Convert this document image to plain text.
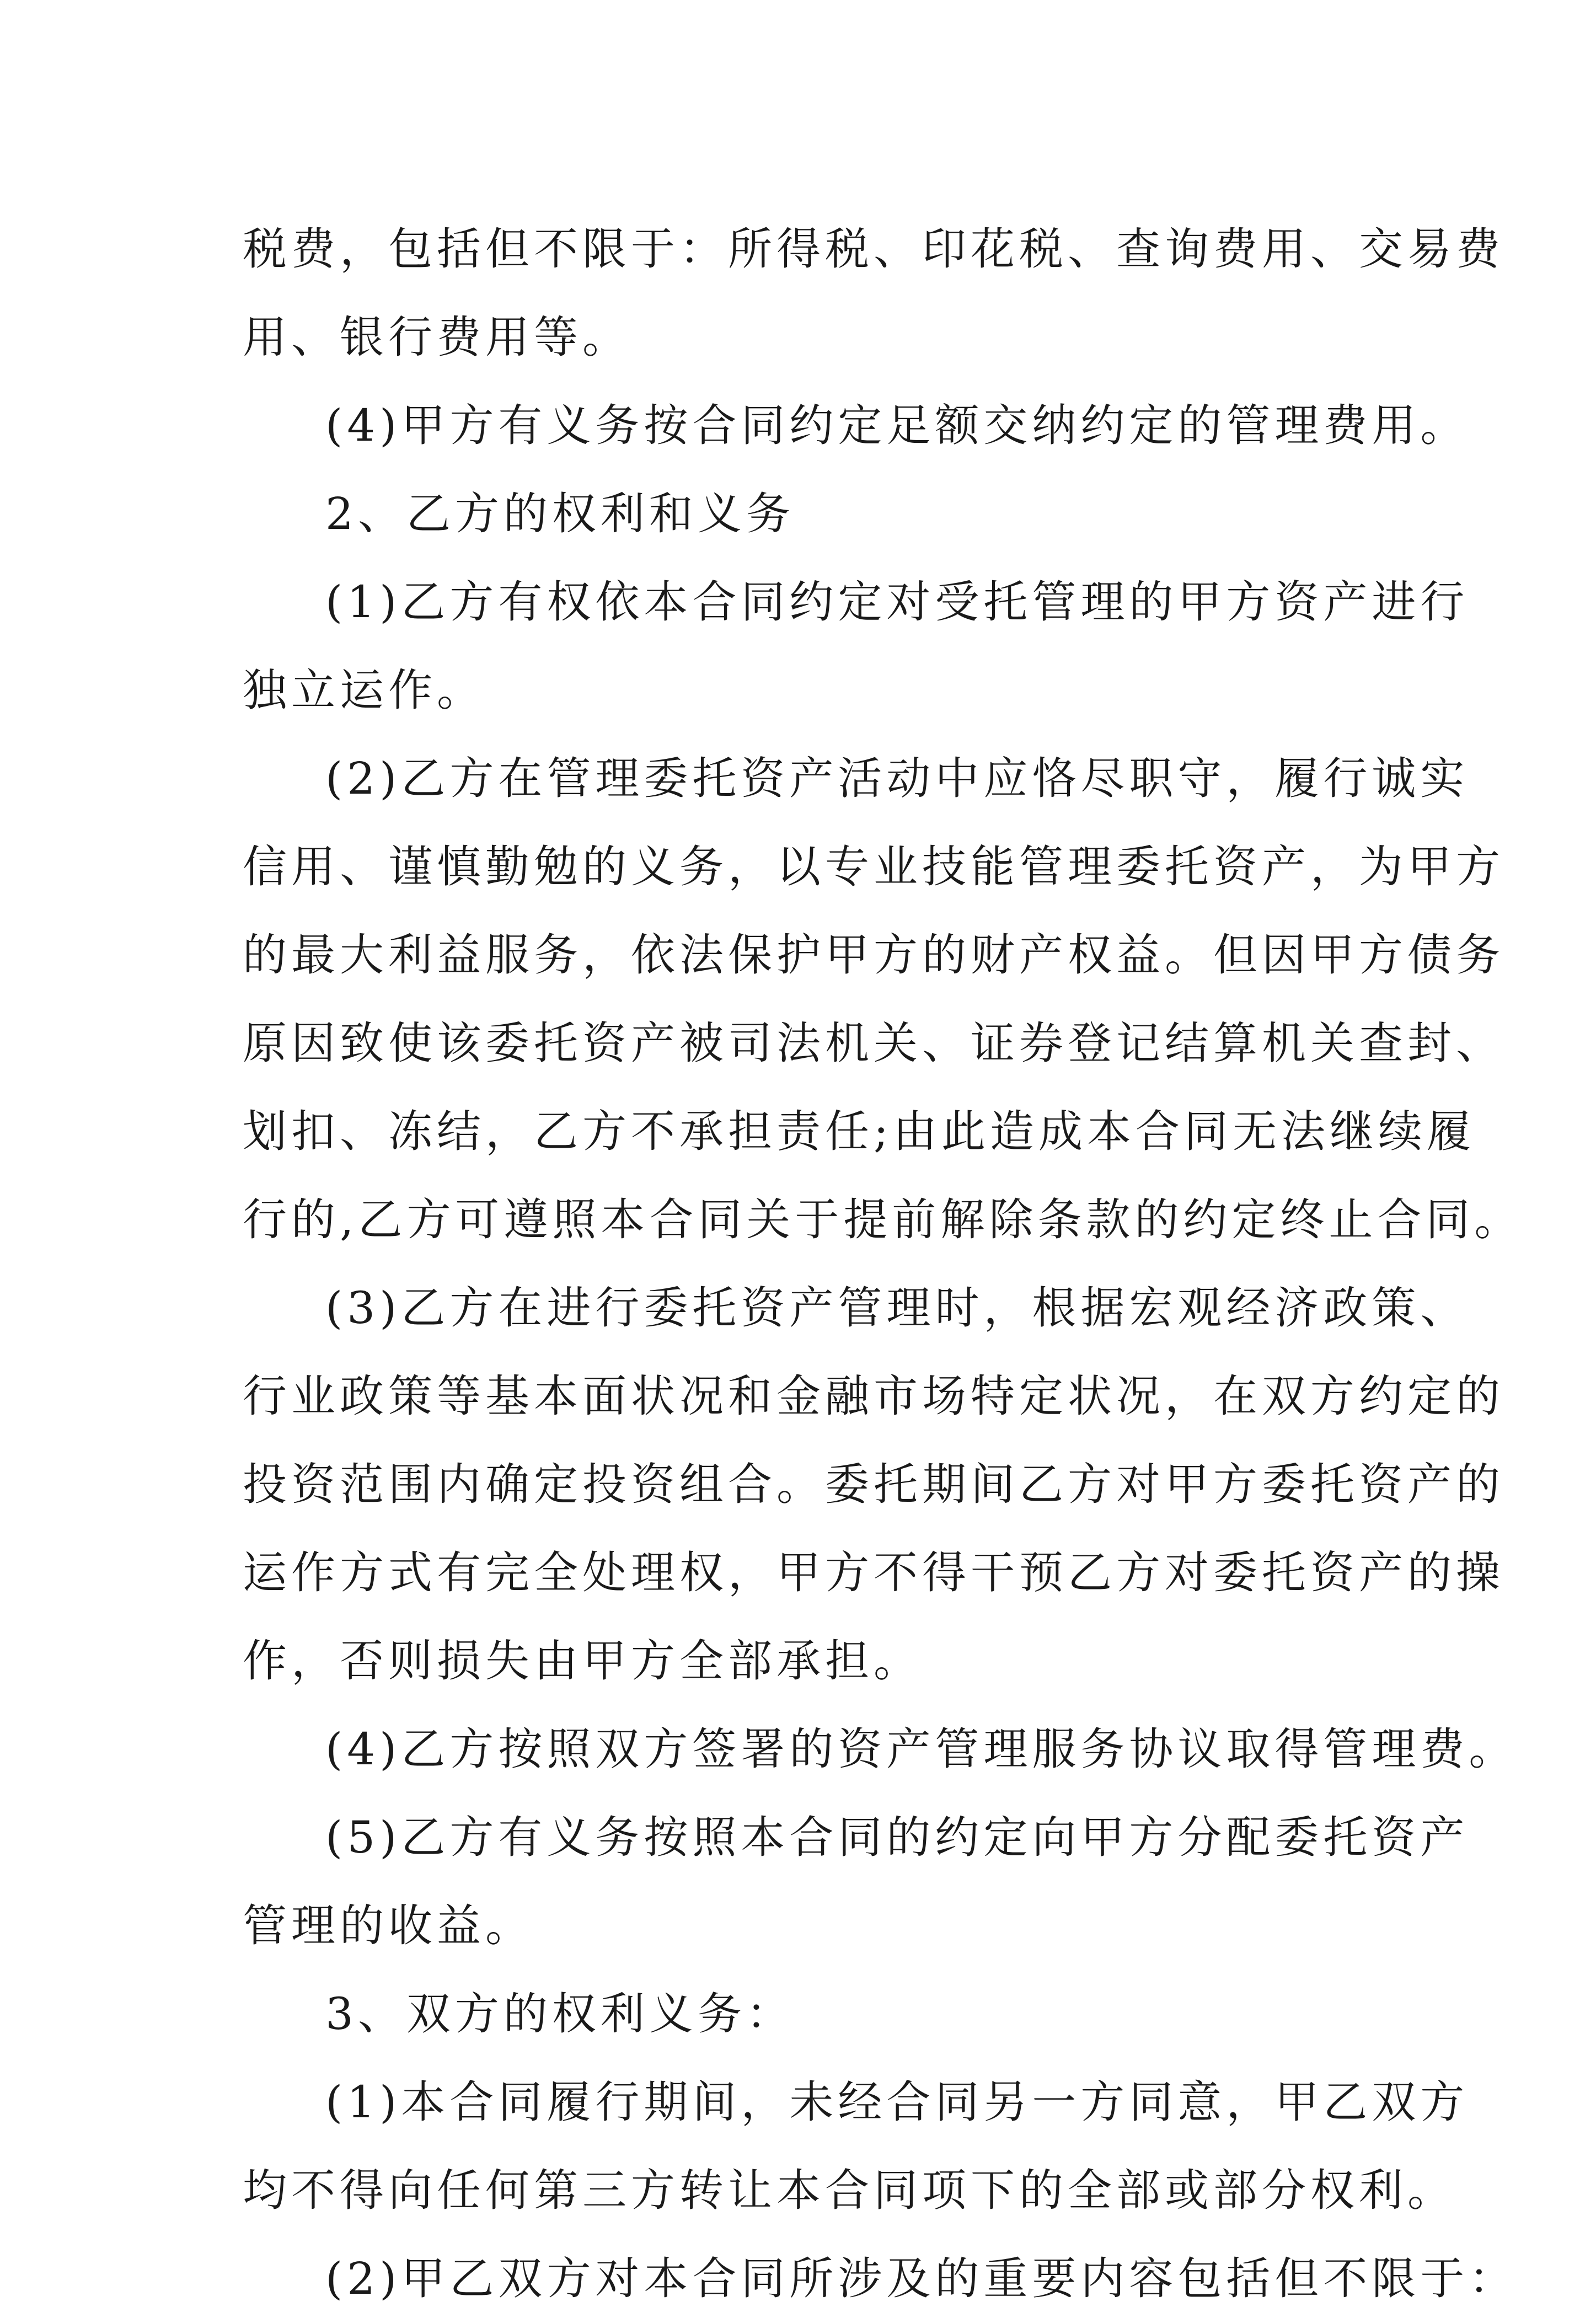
税费，包括但不限于：所得税、印花税、查询费用、交易费

用、银行费用等。

(4)甲方有义务按合同约定足额交纳约定的管理费用。

2、乙方的权利和义务

(1)乙方有权依本合同约定对受托管理的甲方资产进行

独立运作。

(2)乙方在管理委托资产活动中应恪尽职守，履行诚实

信用、谨慎勤勉的义务，以专业技能管理委托资产，为甲方

的最大利益服务，依法保护甲方的财产权益。但因甲方债务

原因致使该委托资产被司法机关、证券登记结算机关查封、

划扣、冻结，乙方不承担责任;由此造成本合同无法继续履

行的,乙方可遵照本合同关于提前解除条款的约定终止合同。

(3)乙方在进行委托资产管理时，根据宏观经济政策、

行业政策等基本面状况和金融市场特定状况，在双方约定的

投资范围内确定投资组合。委托期间乙方对甲方委托资产的

运作方式有完全处理权，甲方不得干预乙方对委托资产的操

作，否则损失由甲方全部承担。

(4)乙方按照双方签署的资产管理服务协议取得管理费。

(5)乙方有义务按照本合同的约定向甲方分配委托资产

管理的收益。

3、双方的权利义务：

(1)本合同履行期间，未经合同另一方同意，甲乙双方

均不得向任何第三方转让本合同项下的全部或部分权利。

(2)甲乙双方对本合同所涉及的重要内容包括但不限于：
